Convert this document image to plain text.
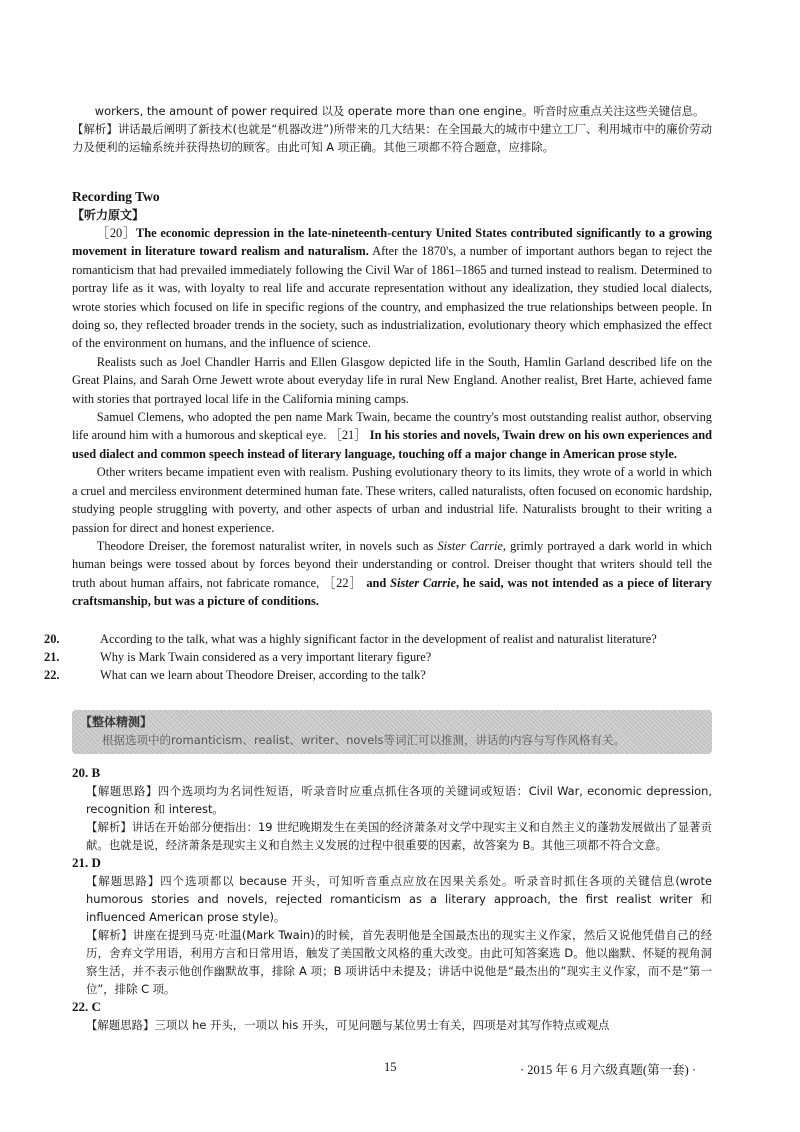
workers, the amount of power required 以及 operate more than one engine。听音时应重点关注这些关键信息。

【解析】讲话最后阐明了新技术(也就是“机器改进”)所带来的几大结果：在全国最大的城市中建立工厂、利用城市中的廉价劳动力及便利的运输系统并获得热切的顾客。由此可知 A 项正确。其他三项都不符合题意，应排除。

Recording Two

【听力原文】

［20］The economic depression in the late-nineteenth-century United States contributed significantly to a growing movement in literature toward realism and naturalism. After the 1870's, a number of important authors began to reject the romanticism that had prevailed immediately following the Civil War of 1861–1865 and turned instead to realism. Determined to portray life as it was, with loyalty to real life and accurate representation without any idealization, they studied local dialects, wrote stories which focused on life in specific regions of the country, and emphasized the true relationships between people. In doing so, they reflected broader trends in the society, such as industrialization, evolutionary theory which emphasized the effect of the environment on humans, and the influence of science.

Realists such as Joel Chandler Harris and Ellen Glasgow depicted life in the South, Hamlin Garland described life on the Great Plains, and Sarah Orne Jewett wrote about everyday life in rural New England. Another realist, Bret Harte, achieved fame with stories that portrayed local life in the California mining camps.

Samuel Clemens, who adopted the pen name Mark Twain, became the country's most outstanding realist author, observing life around him with a humorous and skeptical eye. ［21］ In his stories and novels, Twain drew on his own experiences and used dialect and common speech instead of literary language, touching off a major change in American prose style.

Other writers became impatient even with realism. Pushing evolutionary theory to its limits, they wrote of a world in which a cruel and merciless environment determined human fate. These writers, called naturalists, often focused on economic hardship, studying people struggling with poverty, and other aspects of urban and industrial life. Naturalists brought to their writing a passion for direct and honest experience.

Theodore Dreiser, the foremost naturalist writer, in novels such as Sister Carrie, grimly portrayed a dark world in which human beings were tossed about by forces beyond their understanding or control. Dreiser thought that writers should tell the truth about human affairs, not fabricate romance, ［22］ and Sister Carrie, he said, was not intended as a piece of literary craftsmanship, but was a picture of conditions.

20.	According to the talk, what was a highly significant factor in the development of realist and naturalist literature?

21.	Why is Mark Twain considered as a very important literary figure?

22.	What can we learn about Theodore Dreiser, according to the talk?

【整体精测】
根据选项中的romanticism、realist、writer、novels等词汇可以推测，讲话的内容与写作风格有关。

20. B

【解题思路】四个选项均为名词性短语，听录音时应重点抓住各项的关键词或短语：Civil War, economic depression, recognition 和 interest。

【解析】讲话在开始部分便指出：19 世纪晚期发生在美国的经济萧条对文学中现实主义和自然主义的蓬勃发展做出了显著贡献。也就是说，经济萧条是现实主义和自然主义发展的过程中很重要的因素，故答案为 B。其他三项都不符合文意。

21. D

【解题思路】四个选项都以 because 开头，可知听音重点应放在因果关系处。听录音时抓住各项的关键信息(wrote humorous stories and novels, rejected romanticism as a literary approach, the first realist writer 和 influenced American prose style)。

【解析】讲座在提到马克·吐温(Mark Twain)的时候，首先表明他是全国最杰出的现实主义作家，然后又说他凭借自己的经历，舍弃文学用语，利用方言和日常用语，触发了美国散文风格的重大改变。由此可知答案选 D。他以幽默、怀疑的视角洞察生活，并不表示他创作幽默故事，排除 A 项；B 项讲话中未提及；讲话中说他是“最杰出的”现实主义作家，而不是“第一位”，排除 C 项。

22. C

【解题思路】三项以 he 开头，一项以 his 开头，可见问题与某位男士有关，四项是对其写作特点或观点

15	· 2015 年 6 月六级真题(第一套) ·
